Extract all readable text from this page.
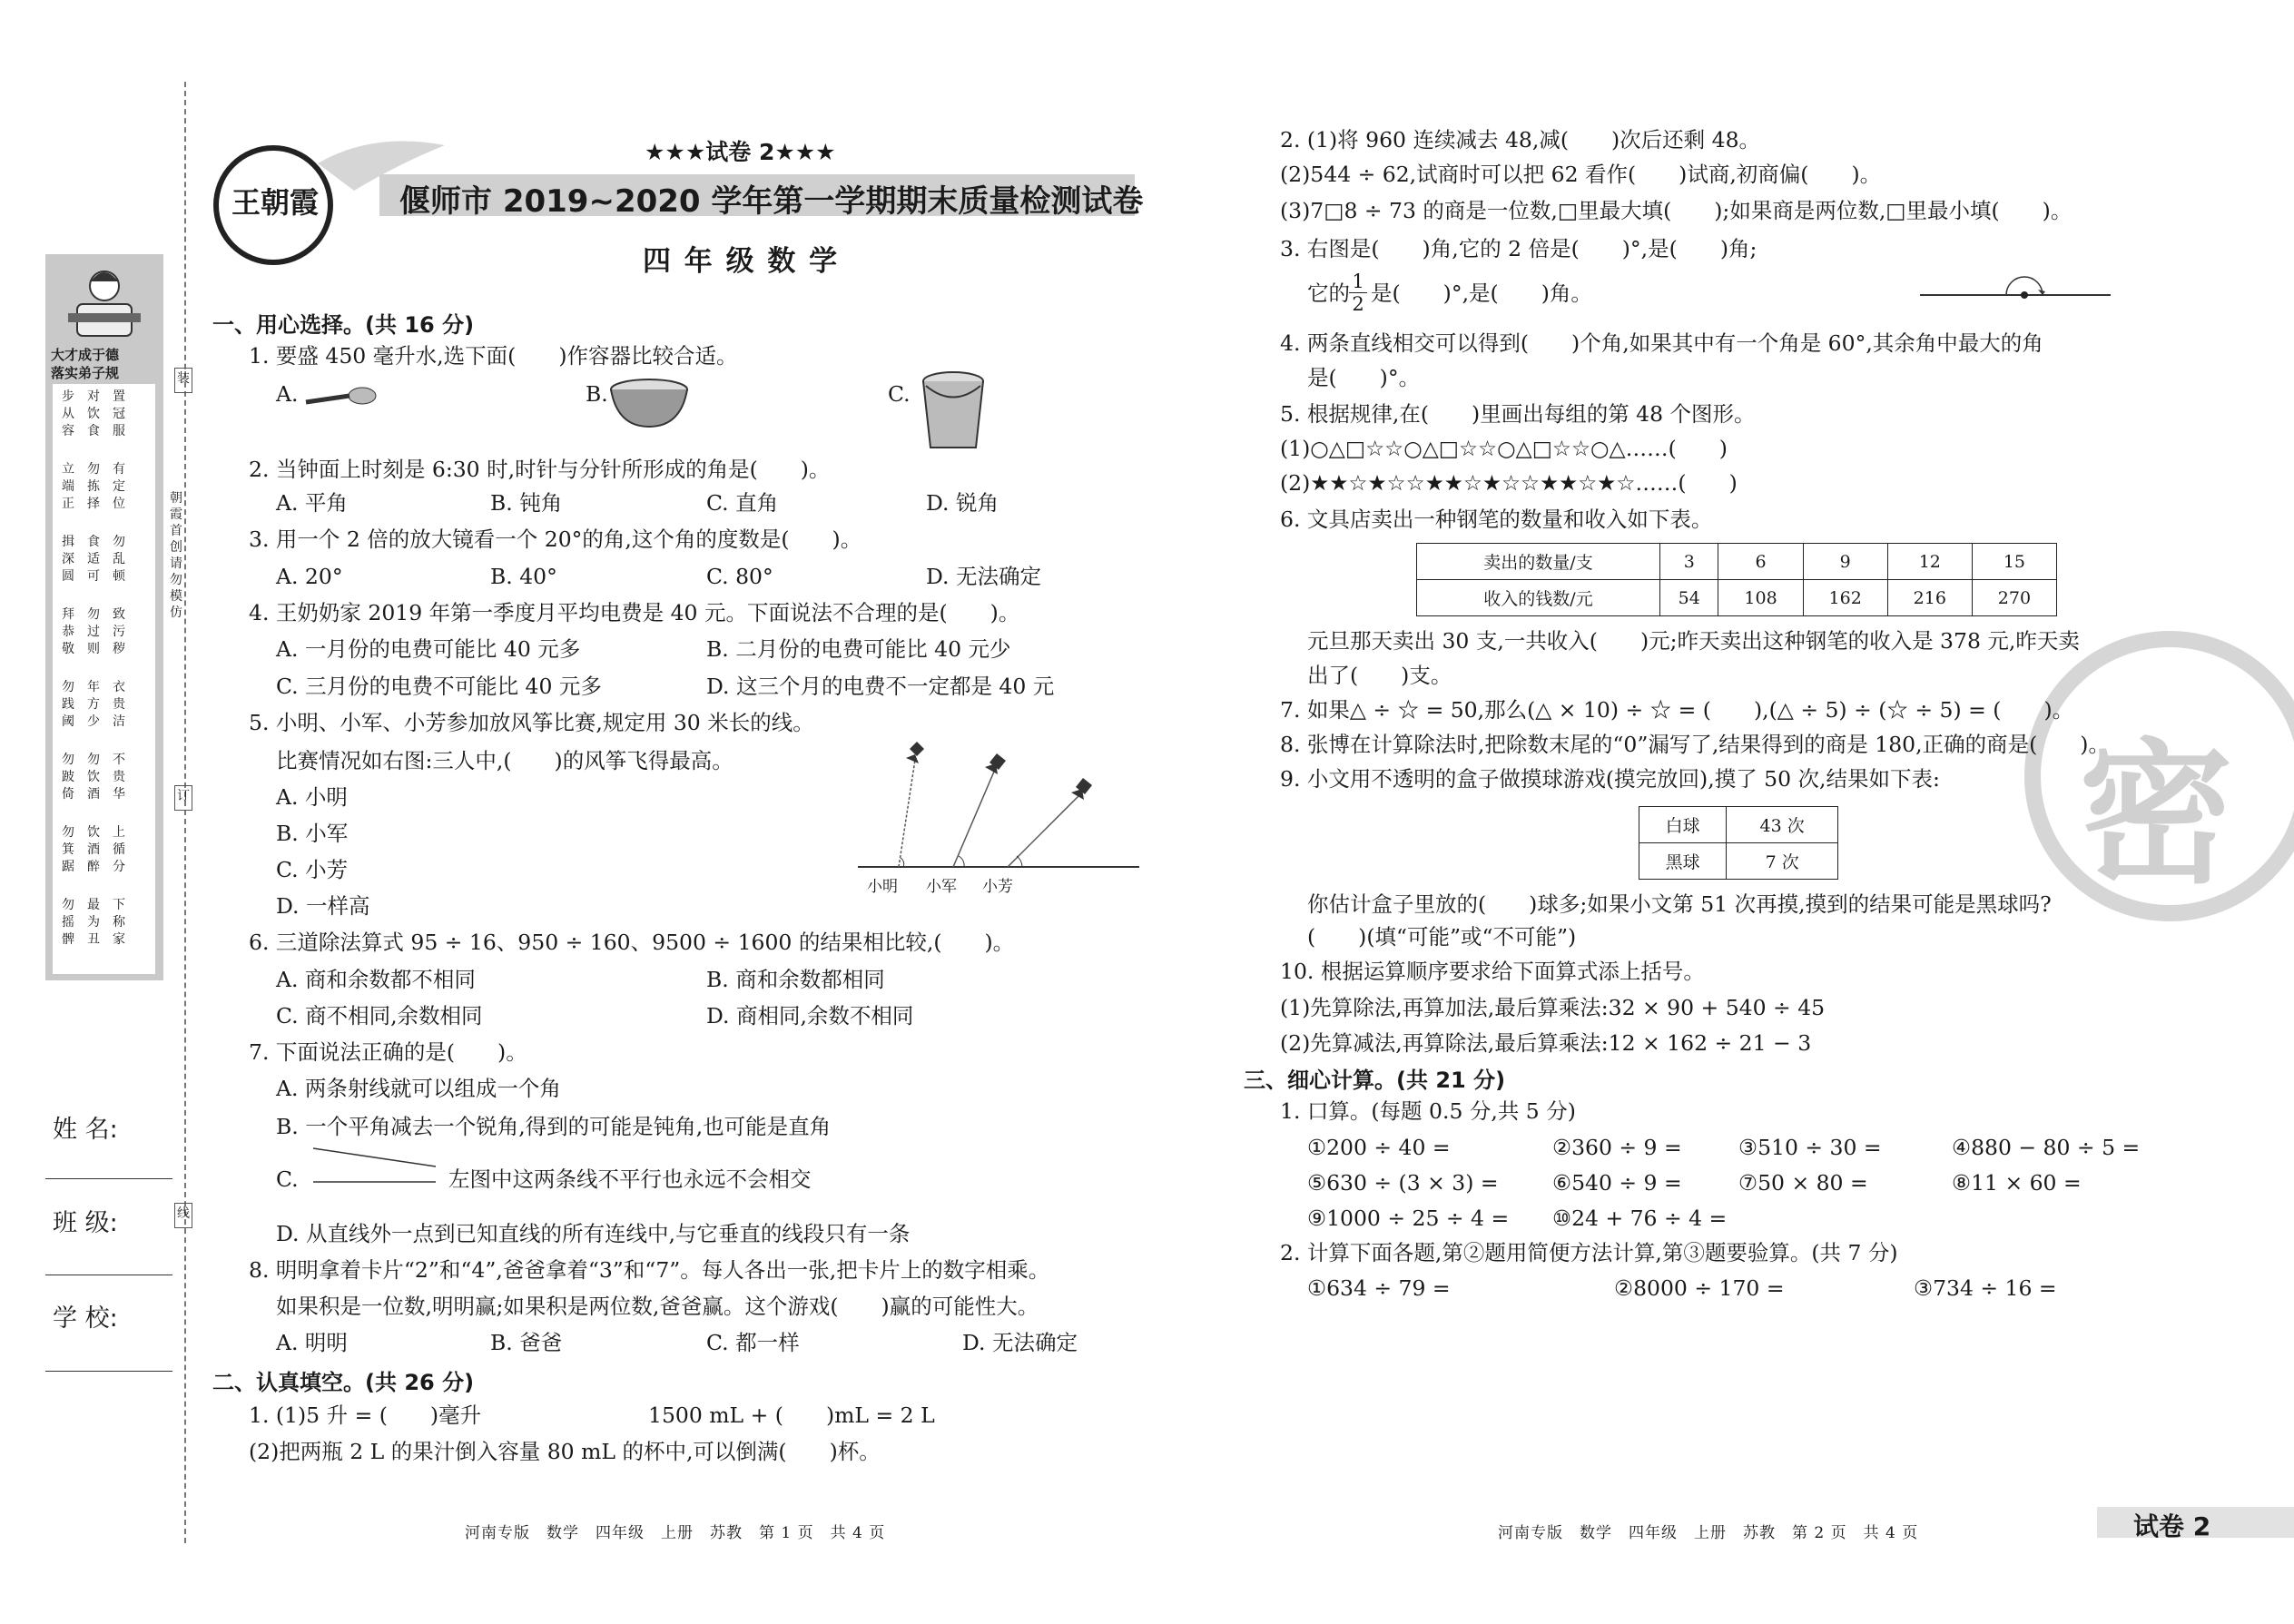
大才成于德
落实弟子规
步从容
对饮食
置冠服
立端正
勿拣择
有定位
揖深圆
食适可
勿乱顿
拜恭敬
勿过则
致污秽
勿践阈
年方少
衣贵洁
勿跛倚
勿饮酒
不贵华
勿箕踞
饮酒醉
上循分
勿摇髀
最为丑
下称家
朝霞首创 请勿模仿
装
订
线
姓 名:
班 级:
学 校:
王朝霞
★★★试卷 2★★★
偃师市 2019~2020 学年第一学期期末质量检测试卷
四 年 级 数 学
一、用心选择。(共 16 分)
1. 要盛 450 毫升水,选下面(　　)作容器比较合适。
A.	B.	C.
2. 当钟面上时刻是 6:30 时,时针与分针所形成的角是(　　)。
A. 平角	B. 钝角	C. 直角	D. 锐角
3. 用一个 2 倍的放大镜看一个 20°的角,这个角的度数是(　　)。
A. 20°	B. 40°	C. 80°	D. 无法确定
4. 王奶奶家 2019 年第一季度月平均电费是 40 元。下面说法不合理的是(　　)。
A. 一月份的电费可能比 40 元多	B. 二月份的电费可能比 40 元少
C. 三月份的电费不可能比 40 元多	D. 这三个月的电费不一定都是 40 元
5. 小明、小军、小芳参加放风筝比赛,规定用 30 米长的线。
比赛情况如右图:三人中,(　　)的风筝飞得最高。
A. 小明
B. 小军
C. 小芳
D. 一样高
小明 小军 小芳
6. 三道除法算式 95 ÷ 16、950 ÷ 160、9500 ÷ 1600 的结果相比较,(　　)。
A. 商和余数都不相同	B. 商和余数都相同
C. 商不相同,余数相同	D. 商相同,余数不相同
7. 下面说法正确的是(　　)。
A. 两条射线就可以组成一个角
B. 一个平角减去一个锐角,得到的可能是钝角,也可能是直角
C.	左图中这两条线不平行也永远不会相交
D. 从直线外一点到已知直线的所有连线中,与它垂直的线段只有一条
8. 明明拿着卡片“2”和“4”,爸爸拿着“3”和“7”。每人各出一张,把卡片上的数字相乘。
如果积是一位数,明明赢;如果积是两位数,爸爸赢。这个游戏(　　)赢的可能性大。
A. 明明	B. 爸爸	C. 都一样	D. 无法确定
二、认真填空。(共 26 分)
1. (1)5 升 = (　　)毫升	1500 mL + (　　)mL = 2 L
(2)把两瓶 2 L 的果汁倒入容量 80 mL 的杯中,可以倒满(　　)杯。
河南专版　数学　四年级　上册　苏教　第 1 页　共 4 页
密
2. (1)将 960 连续减去 48,减(　　)次后还剩 48。
(2)544 ÷ 62,试商时可以把 62 看作(　　)试商,初商偏(　　)。
(3)7□8 ÷ 73 的商是一位数,□里最大填(　　);如果商是两位数,□里最小填(　　)。
3. 右图是(　　)角,它的 2 倍是(　　)°,是(　　)角;
它的 1
2 是(　　)°,是(　　)角。
4. 两条直线相交可以得到(　　)个角,如果其中有一个角是 60°,其余角中最大的角
是(　　)°。
5. 根据规律,在(　　)里画出每组的第 48 个图形。
(1)○△□☆☆○△□☆☆○△□☆☆○△……(　　)
(2)★★☆★☆☆★★☆★☆☆★★☆★☆……(　　)
6. 文具店卖出一种钢笔的数量和收入如下表。
卖出的数量/支	3	6	9	12	15
收入的钱数/元	54	108	162	216	270
元旦那天卖出 30 支,一共收入(　　)元;昨天卖出这种钢笔的收入是 378 元,昨天卖
出了(　　)支。
7. 如果△ ÷ ☆ = 50,那么(△ × 10) ÷ ☆ = (　　),(△ ÷ 5) ÷ (☆ ÷ 5) = (　　)。
8. 张博在计算除法时,把除数末尾的“0”漏写了,结果得到的商是 180,正确的商是(　　)。
9. 小文用不透明的盒子做摸球游戏(摸完放回),摸了 50 次,结果如下表:
白球	43 次
黑球	7 次
你估计盒子里放的(　　)球多;如果小文第 51 次再摸,摸到的结果可能是黑球吗?
(　　)(填“可能”或“不可能”)
10. 根据运算顺序要求给下面算式添上括号。
(1)先算除法,再算加法,最后算乘法:32 × 90 + 540 ÷ 45
(2)先算减法,再算除法,最后算乘法:12 × 162 ÷ 21 − 3
三、细心计算。(共 21 分)
1. 口算。(每题 0.5 分,共 5 分)
①200 ÷ 40 =	②360 ÷ 9 =	③510 ÷ 30 =	④880 − 80 ÷ 5 =
⑤630 ÷ (3 × 3) =	⑥540 ÷ 9 =	⑦50 × 80 =	⑧11 × 60 =
⑨1000 ÷ 25 ÷ 4 = ⑩24 + 76 ÷ 4 =
2. 计算下面各题,第②题用简便方法计算,第③题要验算。(共 7 分)
①634 ÷ 79 =	②8000 ÷ 170 =	③734 ÷ 16 =
河南专版　数学　四年级　上册　苏教　第 2 页　共 4 页	试卷 2
